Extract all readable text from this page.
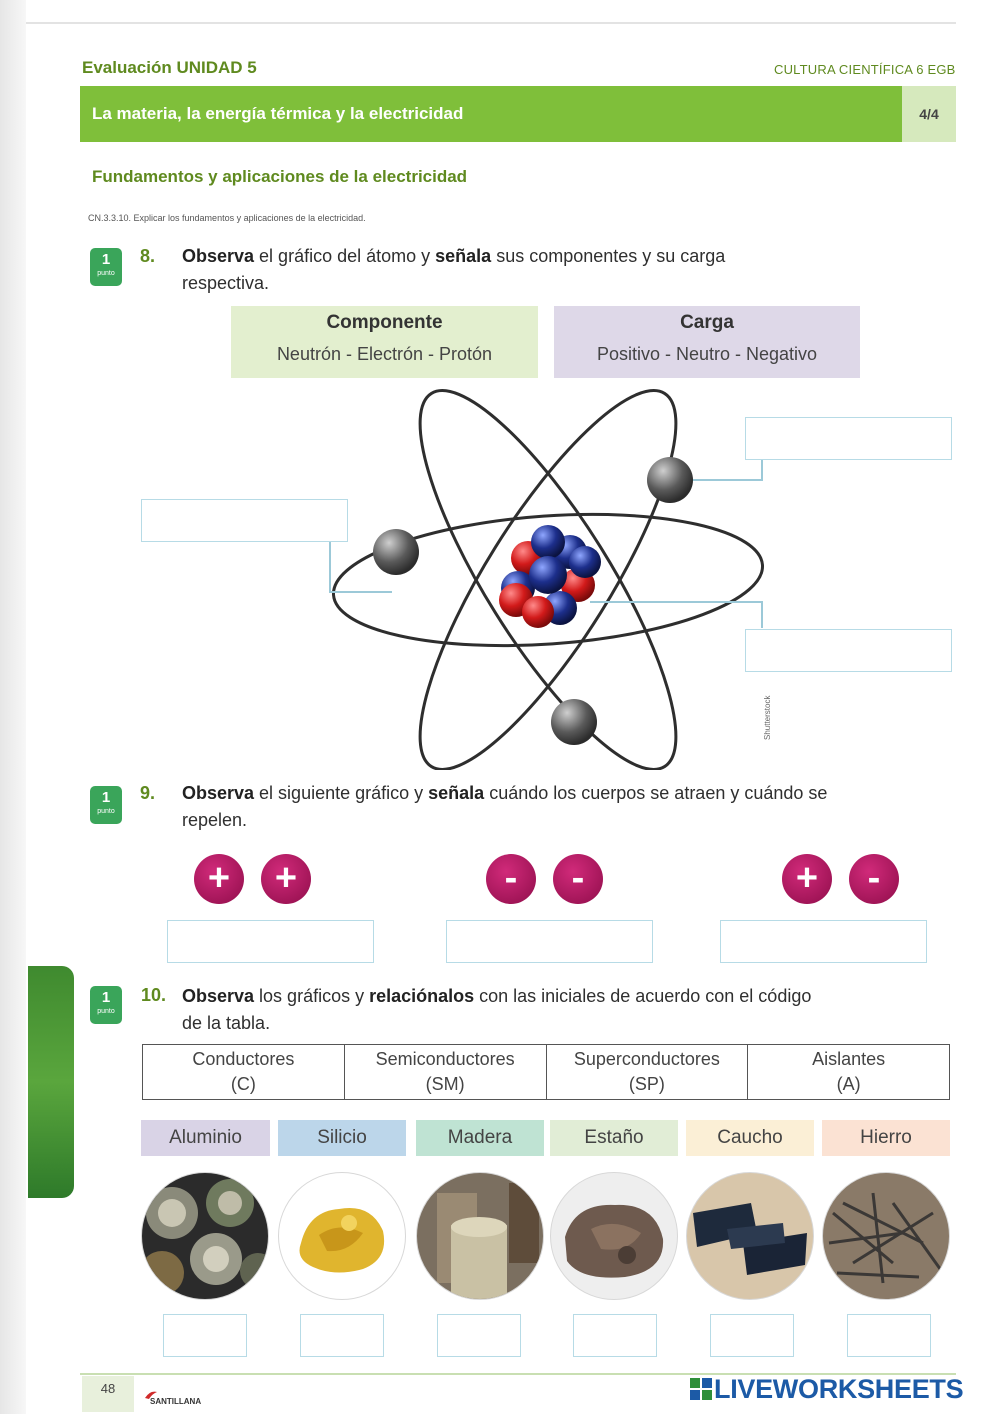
Evaluación UNIDAD 5	CULTURA CIENTÍFICA 6 EGB
La materia, la energía térmica y la electricidad	4/4
Fundamentos y aplicaciones de la electricidad
CN.3.3.10. Explicar los fundamentos y aplicaciones de la electricidad.
1
punto
8. Observa el gráfico del átomo y señala sus componentes y su carga respectiva.
Componente
Neutrón - Electrón - Protón
Carga
Positivo - Neutro - Negativo
Shutterstock
1
punto
9. Observa el siguiente gráfico y señala cuándo los cuerpos se atraen y cuándo se repelen.
+	+	-	-	+	-
1
punto
10. Observa los gráficos y relaciónalos con las iniciales de acuerdo con el código de la tabla.
Conductores
(C)

Semiconductores
(SM)

Superconductores
(SP)

Aislantes
(A)
Aluminio	Silicio	Madera	Estaño	Caucho	Hierro
48
SANTILLANA	LIVEWORKSHEETS
